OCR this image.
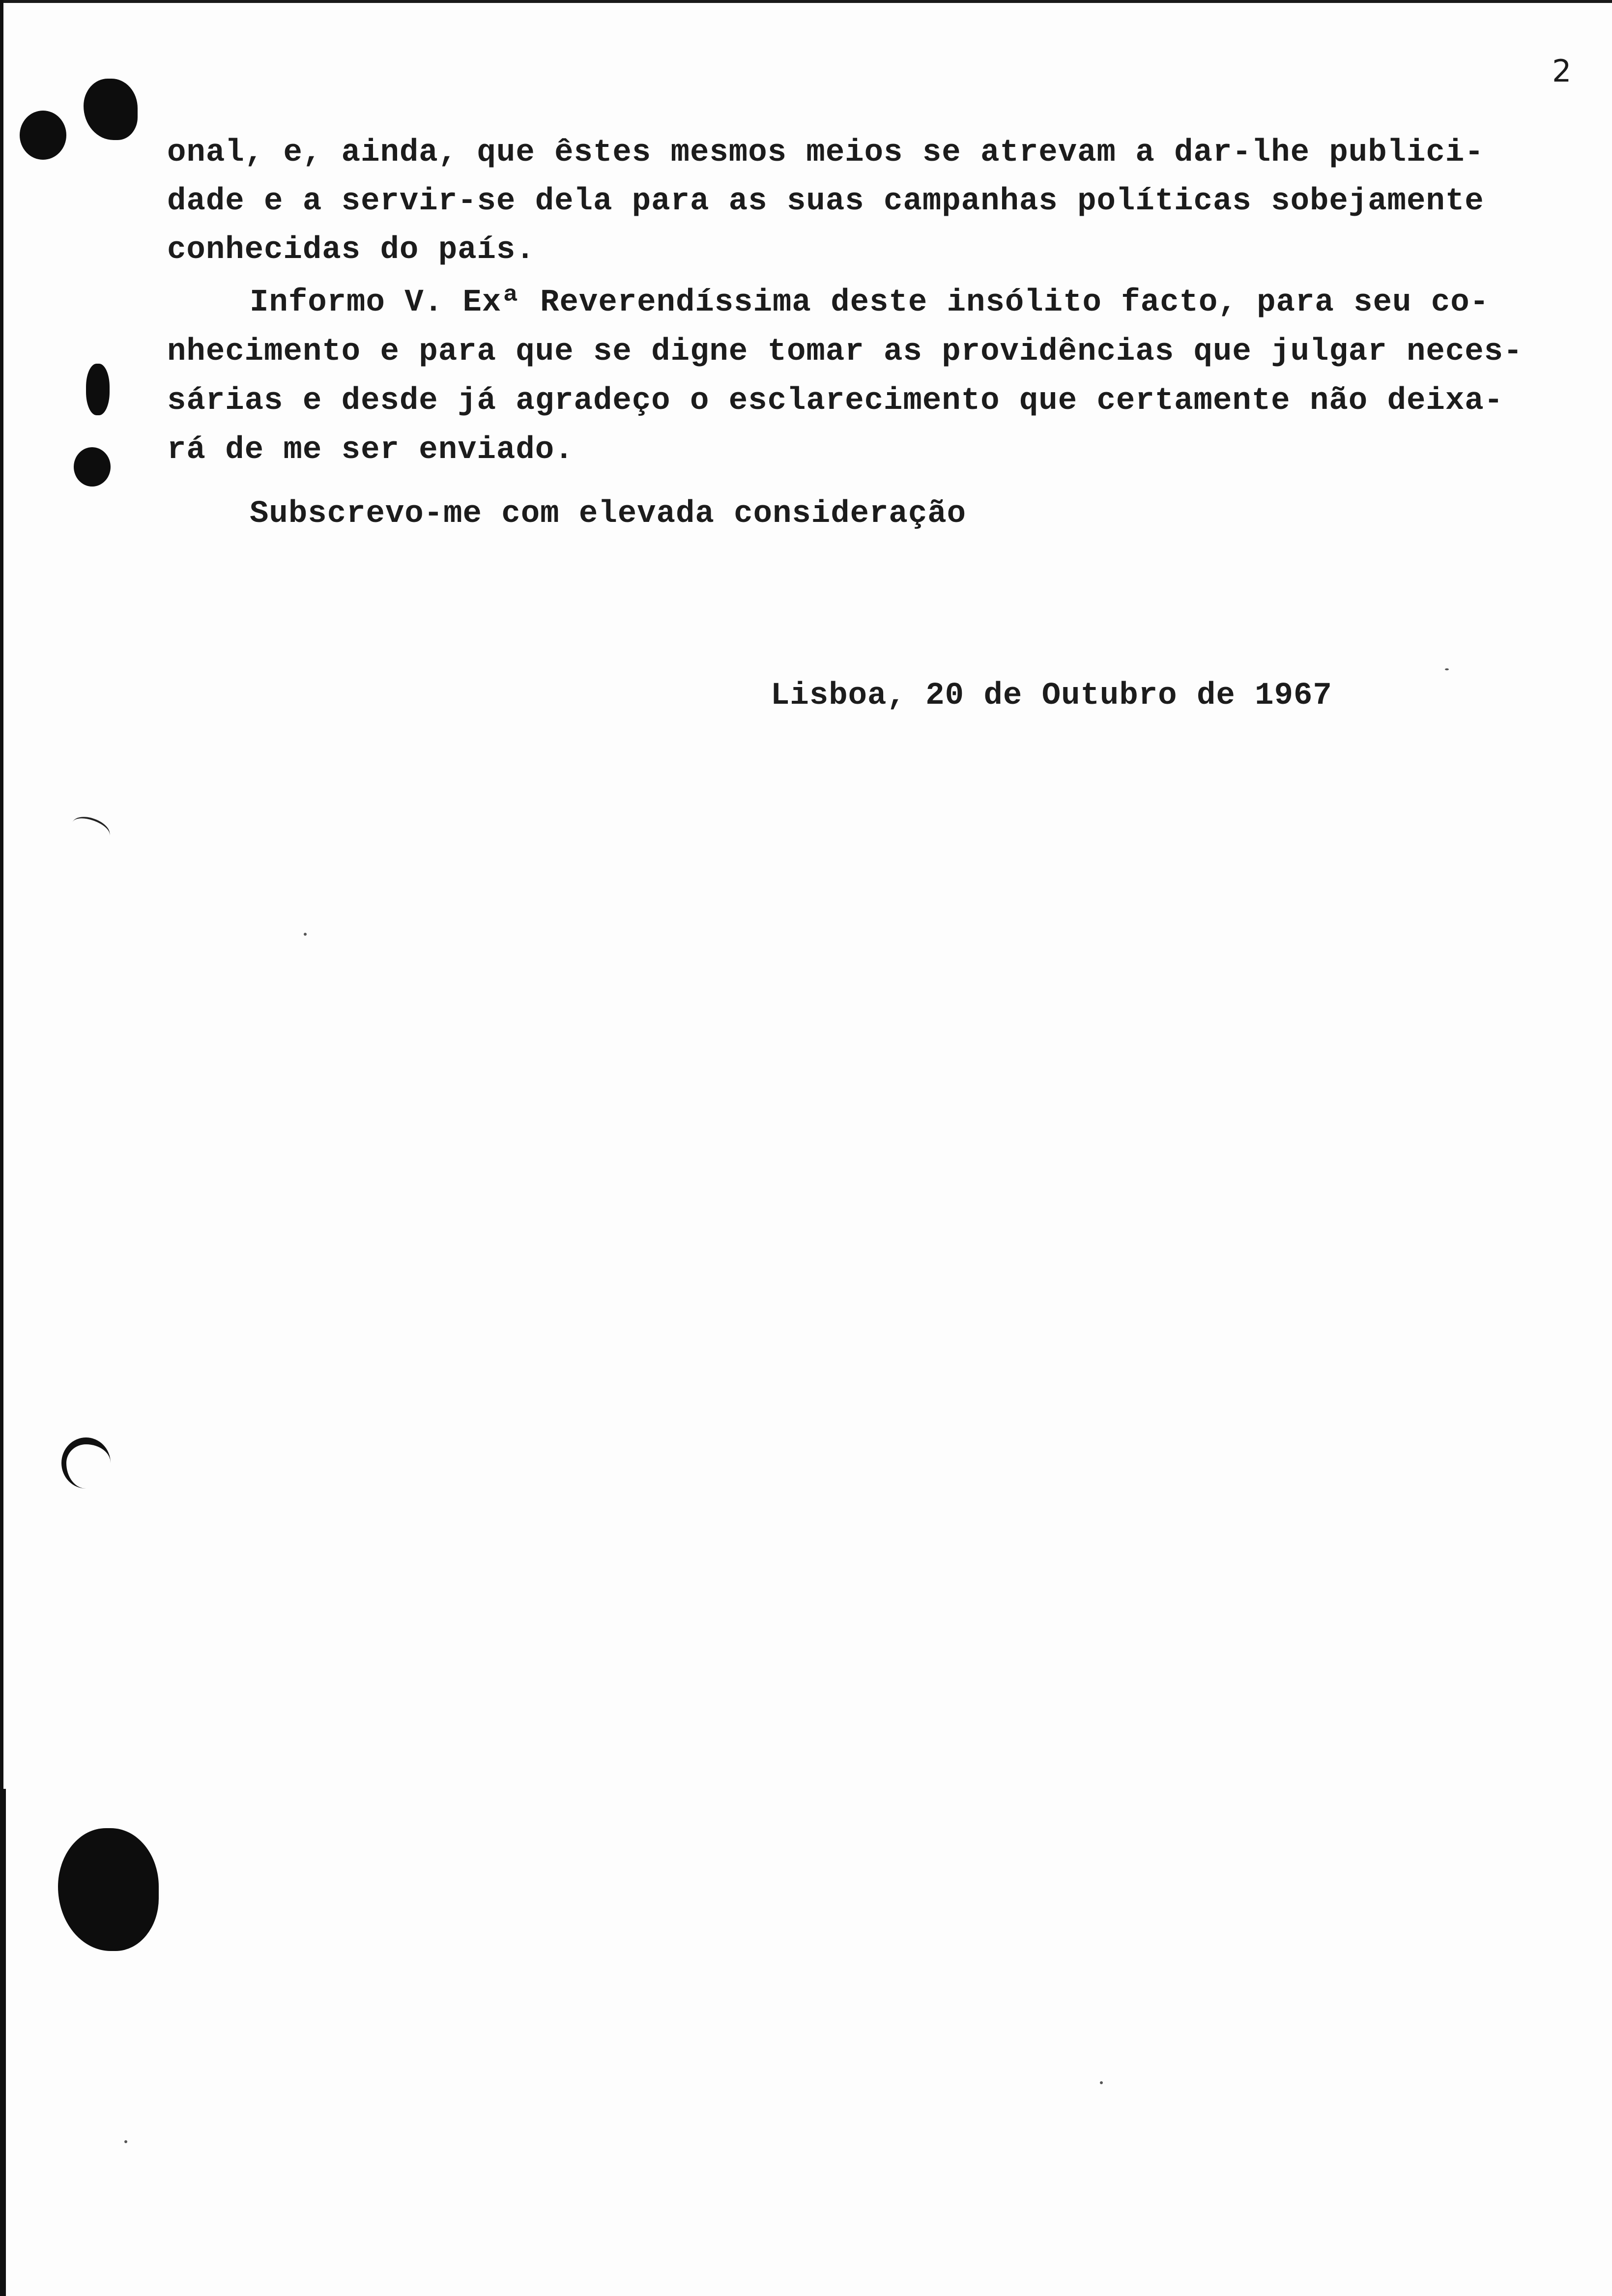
2

onal, e, ainda, que êstes mesmos meios se atrevam a dar-lhe publici-

dade e a servir-se dela para as suas campanhas políticas sobejamente

conhecidas do país.

Informo V. Exª Reverendíssima deste insólito facto, para seu co-

nhecimento e para que se digne tomar as providências que julgar neces-

sárias e desde já agradeço o esclarecimento que certamente não deixa-

rá de me ser enviado.

Subscrevo-me com elevada consideração

Lisboa, 20 de Outubro de 1967
